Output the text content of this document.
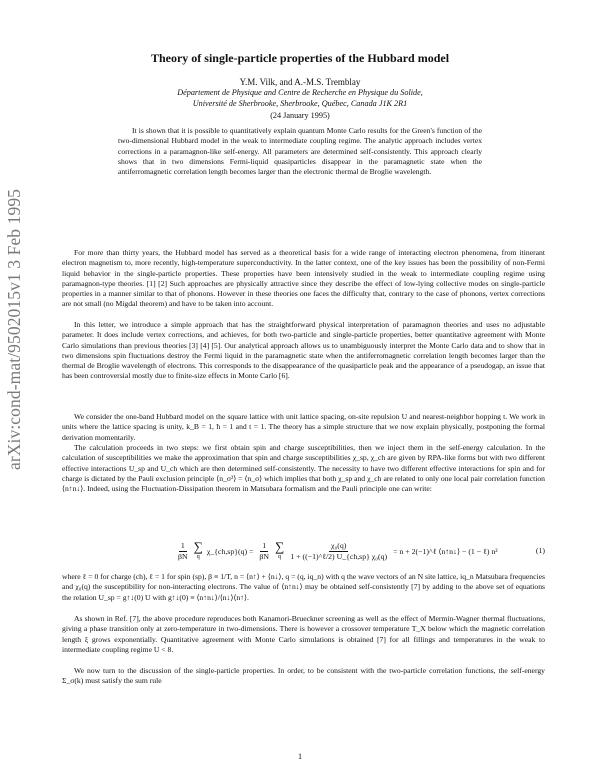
arXiv:cond-mat/9502015v1 3 Feb 1995
Theory of single-particle properties of the Hubbard model
Y.M. Vilk, and A.-M.S. Tremblay
Département de Physique and Centre de Recherche en Physique du Solide,
Université de Sherbrooke, Sherbrooke, Québec, Canada J1K 2R1
(24 January 1995)

It is shown that it is possible to quantitatively explain quantum Monte Carlo results for the Green's function of the two-dimensional Hubbard model in the weak to intermediate coupling regime. The analytic approach includes vertex corrections in a paramagnon-like self-energy. All parameters are determined self-consistently. This approach clearly shows that in two dimensions Fermi-liquid quasiparticles disappear in the paramagnetic state when the antiferromagnetic correlation length becomes larger than the electronic thermal de Broglie wavelength.

For more than thirty years, the Hubbard model has served as a theoretical basis for a wide range of interacting electron phenomena, from itinerant electron magnetism to, more recently, high-temperature superconductivity. In the latter context, one of the key issues has been the possibility of non-Fermi liquid behavior in the single-particle properties. These properties have been intensively studied in the weak to intermediate coupling regime using paramagnon-type theories. [1] [2] Such approaches are physically attractive since they describe the effect of low-lying collective modes on single-particle properties in a manner similar to that of phonons. However in these theories one faces the difficulty that, contrary to the case of phonons, vertex corrections are not small (no Migdal theorem) and have to be taken into account.

In this letter, we introduce a simple approach that has the straightforward physical interpretation of paramagnon theories and uses no adjustable parameter. It does include vertex corrections, and achieves, for both two-particle and single-particle properties, better quantitative agreement with Monte Carlo simulations than previous theories [3] [4] [5]. Our analytical approach allows us to unambiguously interpret the Monte Carlo data and to show that in two dimensions spin fluctuations destroy the Fermi liquid in the paramagnetic state when the antiferromagnetic correlation length becomes larger than the thermal de Broglie wavelength of electrons. This corresponds to the disappearance of the quasiparticle peak and the appearance of a pseudogap, an issue that has been controversial mostly due to finite-size effects in Monte Carlo [6].

We consider the one-band Hubbard model on the square lattice with unit lattice spacing, on-site repulsion U and nearest-neighbor hopping t. We work in units where the lattice spacing is unity, k_B = 1, ħ = 1 and t = 1. The theory has a simple structure that we now explain physically, postponing the formal derivation momentarily.

The calculation proceeds in two steps: we first obtain spin and charge susceptibilities, then we inject them in the self-energy calculation. In the calculation of susceptibilities we make the approximation that spin and charge susceptibilities χ_sp, χ_ch are given by RPA-like forms but with two different effective interactions U_sp and U_ch which are then determined self-consistently. The necessity to have two different effective interactions for spin and for charge is dictated by the Pauli exclusion principle ⟨n_σ²⟩ = ⟨n_σ⟩ which implies that both χ_sp and χ_ch are related to only one local pair correlation function ⟨n↑n↓⟩. Indeed, using the Fluctuation-Dissipation theorem in Matsubara formalism and the Pauli principle one can write:

$\frac{1}{\beta N}$ ∑
q
χ_{ch,sp}(q) = $\frac{1}{\beta N}$ ∑
q $\frac{\text{χ₀(q)}}{\text{1 + ((−1)\textasciicircum{}ℓ/2) U\_\{ch,sp\} χ₀(q)}} = n$ + 2(−1)^ℓ ⟨n↑n↓⟩ − (1 − ℓ) n²	(1)

where ℓ = 0 for charge (ch), ℓ = 1 for spin (sp), β ≡ 1/T, n = ⟨n↑⟩ + ⟨n↓⟩, q = (q, iq_n) with q the wave vectors of an N site lattice, iq_n Matsubara frequencies and χ₀(q) the susceptibility for non-interacting electrons. The value of ⟨n↑n↓⟩ may be obtained self-consistently [7] by adding to the above set of equations the relation U_sp = g↑↓(0) U with g↑↓(0) ≡ ⟨n↑n↓⟩/⟨n↓⟩⟨n↑⟩.

As shown in Ref. [7], the above procedure reproduces both Kanamori-Brueckner screening as well as the effect of Mermin-Wagner thermal fluctuations, giving a phase transition only at zero-temperature in two-dimensions. There is however a crossover temperature T_X below which the magnetic correlation length ξ grows exponentially. Quantitative agreement with Monte Carlo simulations is obtained [7] for all fillings and temperatures in the weak to intermediate coupling regime U < 8.

We now turn to the discussion of the single-particle properties. In order, to be consistent with the two-particle correlation functions, the self-energy Σ_σ(k) must satisfy the sum rule

1
